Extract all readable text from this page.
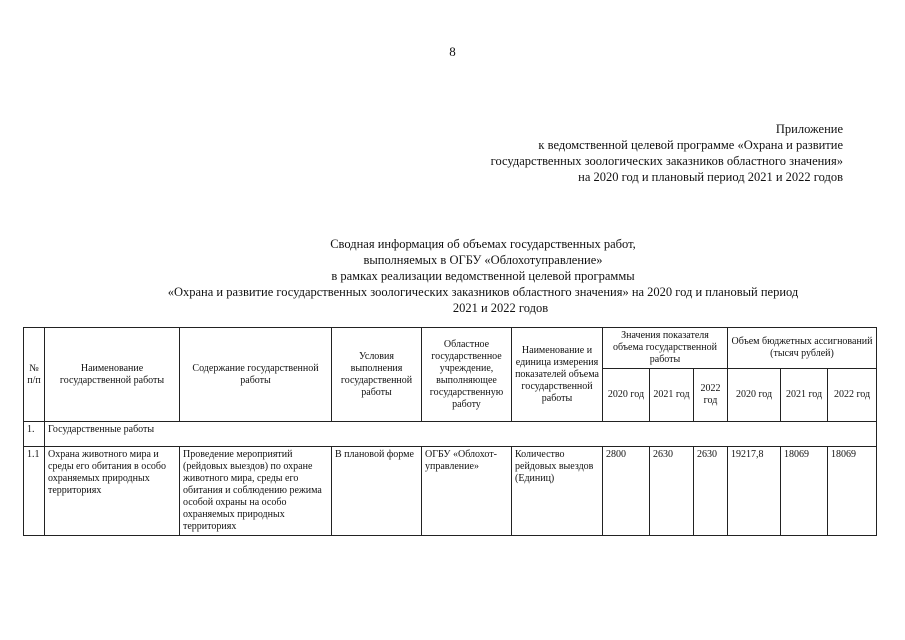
8
Приложение
к ведомственной целевой программе «Охрана и развитие
государственных зоологических заказников областного значения»
на 2020 год и плановый период 2021 и 2022 годов
Сводная информация об объемах государственных работ,
выполняемых в ОГБУ «Облохотуправление»
в рамках реализации ведомственной целевой программы
«Охрана и развитие государственных зоологических заказников областного значения» на 2020 год и плановый период
2021 и 2022 годов
№ п/п	Наименование государственной работы	Содержание государственной работы	Условия выполнения государственной работы	Областное государственное учреждение, выполняющее государственную работу	Наименование и единица измерения показателей объема государственной работы	Значения показателя объема государственной работы			Объем бюджетных ассигнований (тысяч рублей)		
						2020 год	2021 год	2022 год	2020 год	2021 год	2022 год
1.	Государственные работы										
1.1	Охрана животного мира и среды его обитания в особо охраняемых природных территориях	Проведение мероприятий (рейдовых выездов) по охране животного мира, среды его обитания и соблюдению режима особой охраны на особо охраняемых природных территориях	В плановой форме	ОГБУ «Облохот-управление»	Количество рейдовых выездов (Единиц)	2800	2630	2630	19217,8	18069	18069
